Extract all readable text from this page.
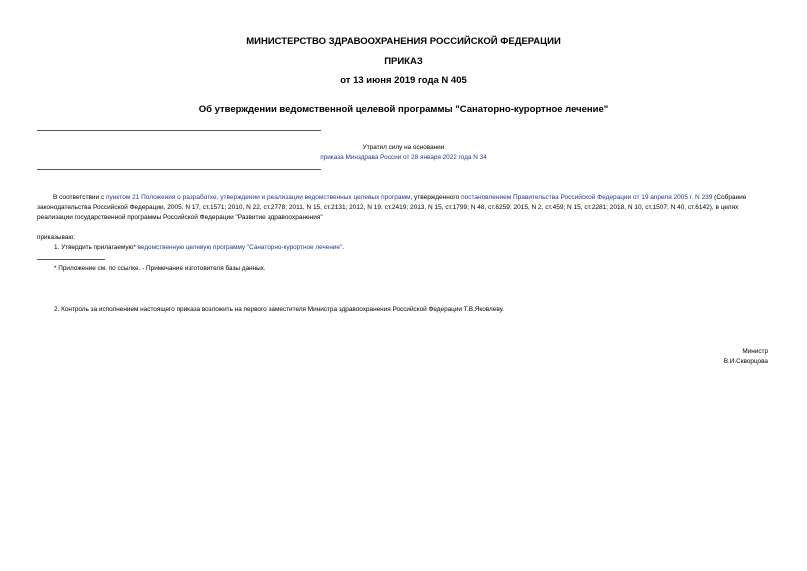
МИНИСТЕРСТВО ЗДРАВООХРАНЕНИЯ РОССИЙСКОЙ ФЕДЕРАЦИИ
ПРИКАЗ
от 13 июня 2019 года N 405
Об утверждении ведомственной целевой программы "Санаторно-курортное лечение"
Утратил силу на основании
приказа Минздрава России от 28 января 2022 года N 34
В соответствии с пунктом 21 Положения о разработке, утверждении и реализации ведомственных целевых программ, утвержденного постановлением Правительства Российской Федерации от 19 апреля 2005 г. N 239 (Собрание законодательства Российской Федерации, 2005, N 17, ст.1571; 2010, N 22, ст.2778; 2011, N 15, ст.2131; 2012, N 19, ст.2419; 2013, N 15, ст.1799; N 48, ст.6259; 2015, N 2, ст.459; N 15, ст.2281; 2018, N 10, ст.1507; N 40, ст.6142), в целях реализации государственной программы Российской Федерации "Развитие здравоохранения"
приказываю:
1. Утвердить прилагаемую* ведомственную целевую программу "Санаторно-курортное лечение".
* Приложение см. по ссылке. - Примечание изготовителя базы данных.
2. Контроль за исполнением настоящего приказа возложить на первого заместителя Министра здравоохранения Российской Федерации Т.В.Яковлеву.
Министр
В.И.Скворцова
